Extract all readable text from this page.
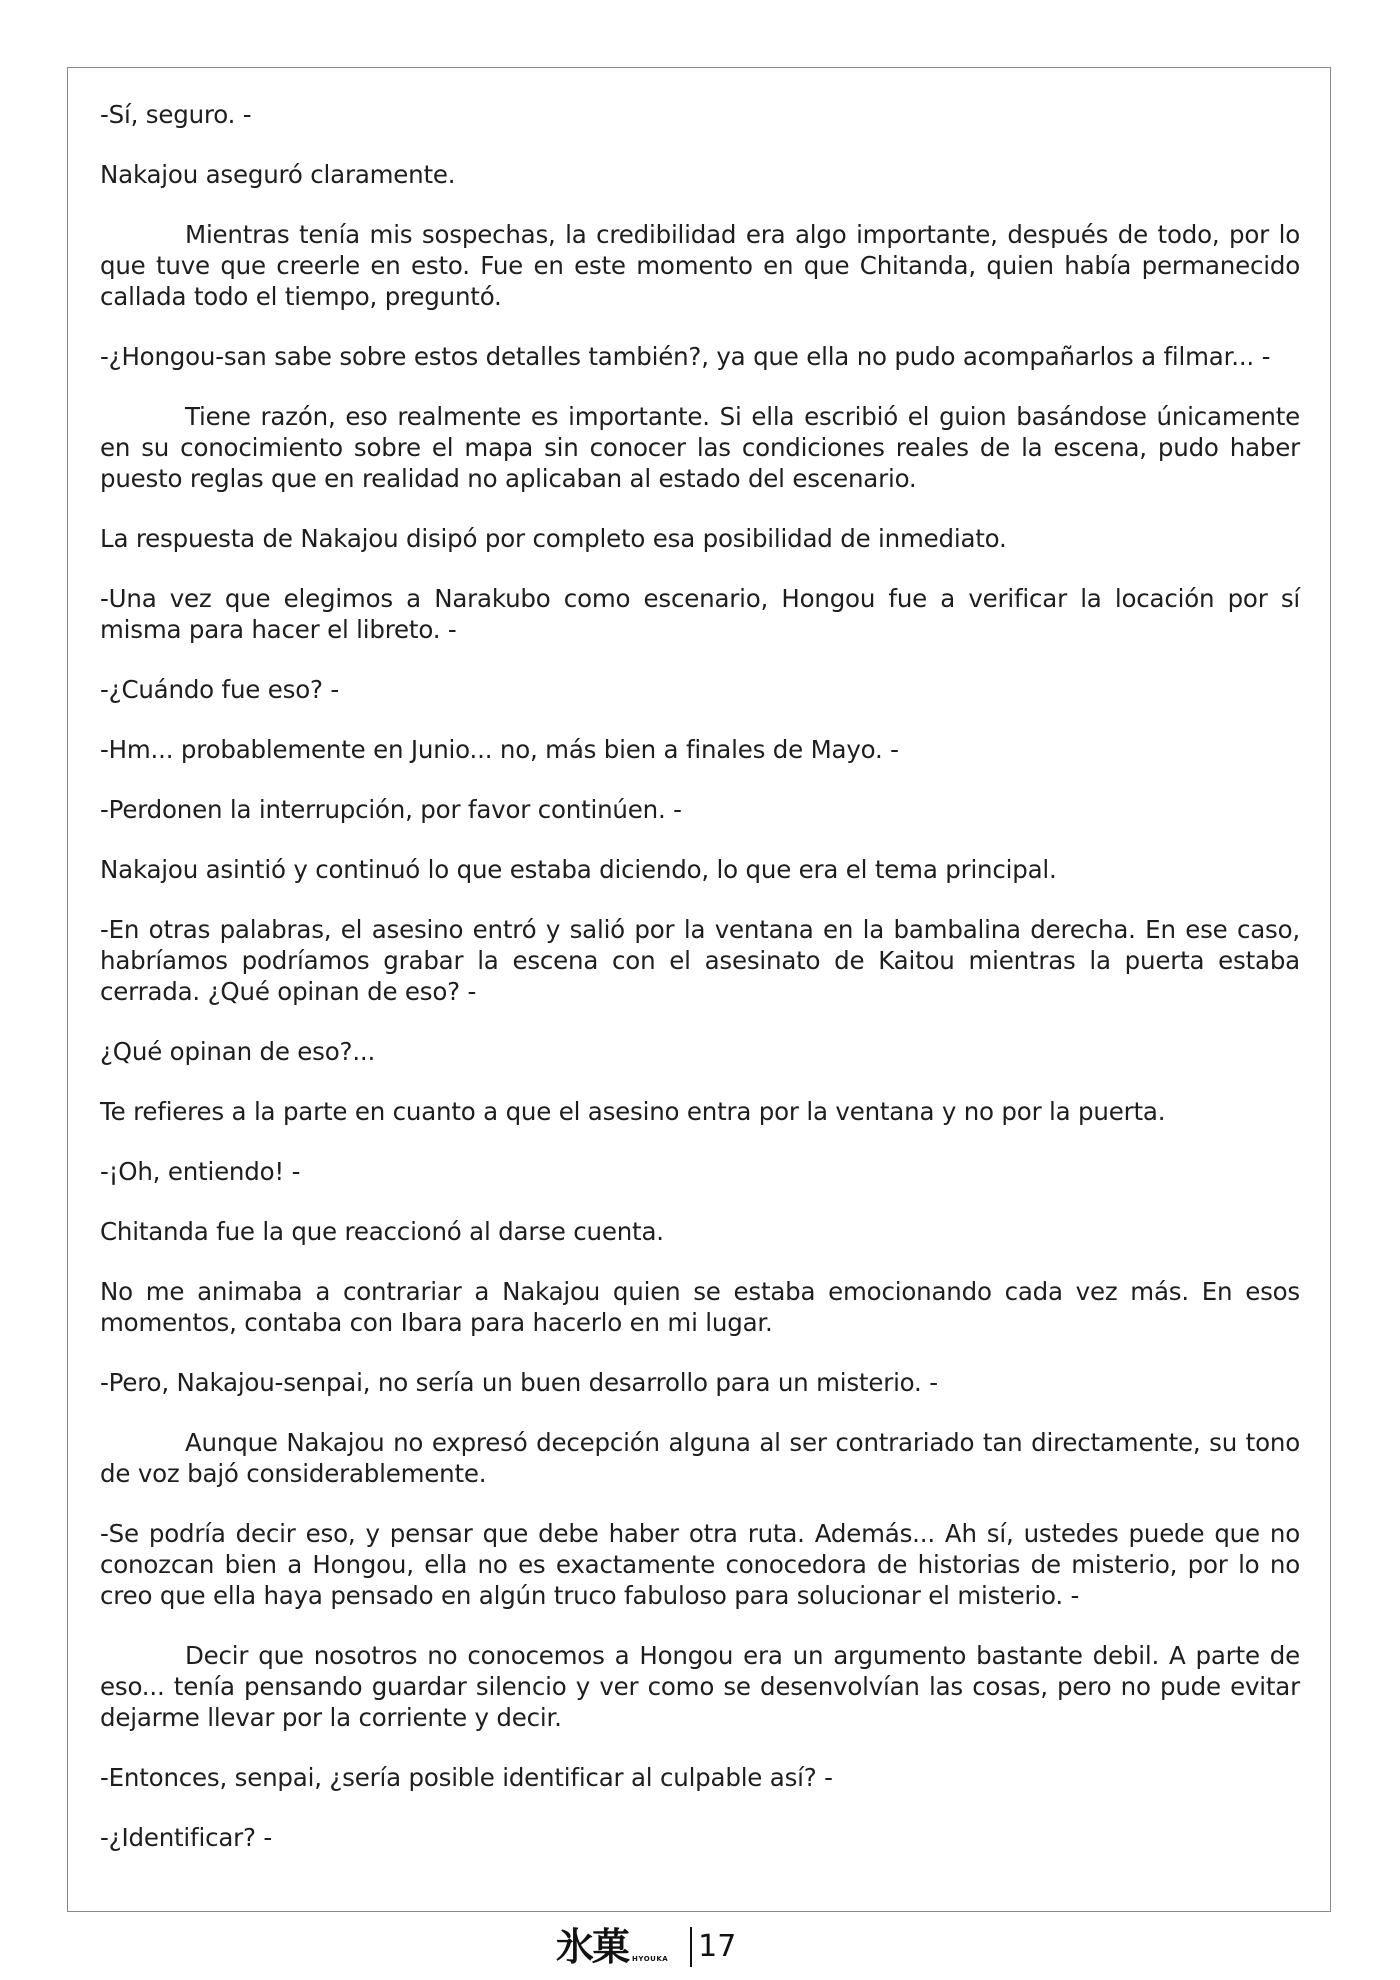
-Sí, seguro. -

Nakajou aseguró claramente.

Mientras tenía mis sospechas, la credibilidad era algo importante, después de todo, por lo que tuve que creerle en esto. Fue en este momento en que Chitanda, quien había permanecido callada todo el tiempo, preguntó.

-¿Hongou-san sabe sobre estos detalles también?, ya que ella no pudo acompañarlos a filmar... -

Tiene razón, eso realmente es importante. Si ella escribió el guion basándose únicamente en su conocimiento sobre el mapa sin conocer las condiciones reales de la escena, pudo haber puesto reglas que en realidad no aplicaban al estado del escenario.

La respuesta de Nakajou disipó por completo esa posibilidad de inmediato.

-Una vez que elegimos a Narakubo como escenario, Hongou fue a verificar la locación por sí misma para hacer el libreto. -

-¿Cuándo fue eso? -

-Hm... probablemente en Junio... no, más bien a finales de Mayo. -

-Perdonen la interrupción, por favor continúen. -

Nakajou asintió y continuó lo que estaba diciendo, lo que era el tema principal.

-En otras palabras, el asesino entró y salió por la ventana en la bambalina derecha. En ese caso, habríamos podríamos grabar la escena con el asesinato de Kaitou mientras la puerta estaba cerrada. ¿Qué opinan de eso? -

¿Qué opinan de eso?...

Te refieres a la parte en cuanto a que el asesino entra por la ventana y no por la puerta.

-¡Oh, entiendo! -

Chitanda fue la que reaccionó al darse cuenta.

No me animaba a contrariar a Nakajou quien se estaba emocionando cada vez más. En esos momentos, contaba con Ibara para hacerlo en mi lugar.

-Pero, Nakajou-senpai, no sería un buen desarrollo para un misterio. -

Aunque Nakajou no expresó decepción alguna al ser contrariado tan directamente, su tono de voz bajó considerablemente.

-Se podría decir eso, y pensar que debe haber otra ruta. Además... Ah sí, ustedes puede que no conozcan bien a Hongou, ella no es exactamente conocedora de historias de misterio, por lo no creo que ella haya pensado en algún truco fabuloso para solucionar el misterio. -

Decir que nosotros no conocemos a Hongou era un argumento bastante debil. A parte de eso... tenía pensando guardar silencio y ver como se desenvolvían las cosas, pero no pude evitar dejarme llevar por la corriente y decir.

-Entonces, senpai, ¿sería posible identificar al culpable así? -

-¿Identificar? -

氷菓 HYOUKA 17
